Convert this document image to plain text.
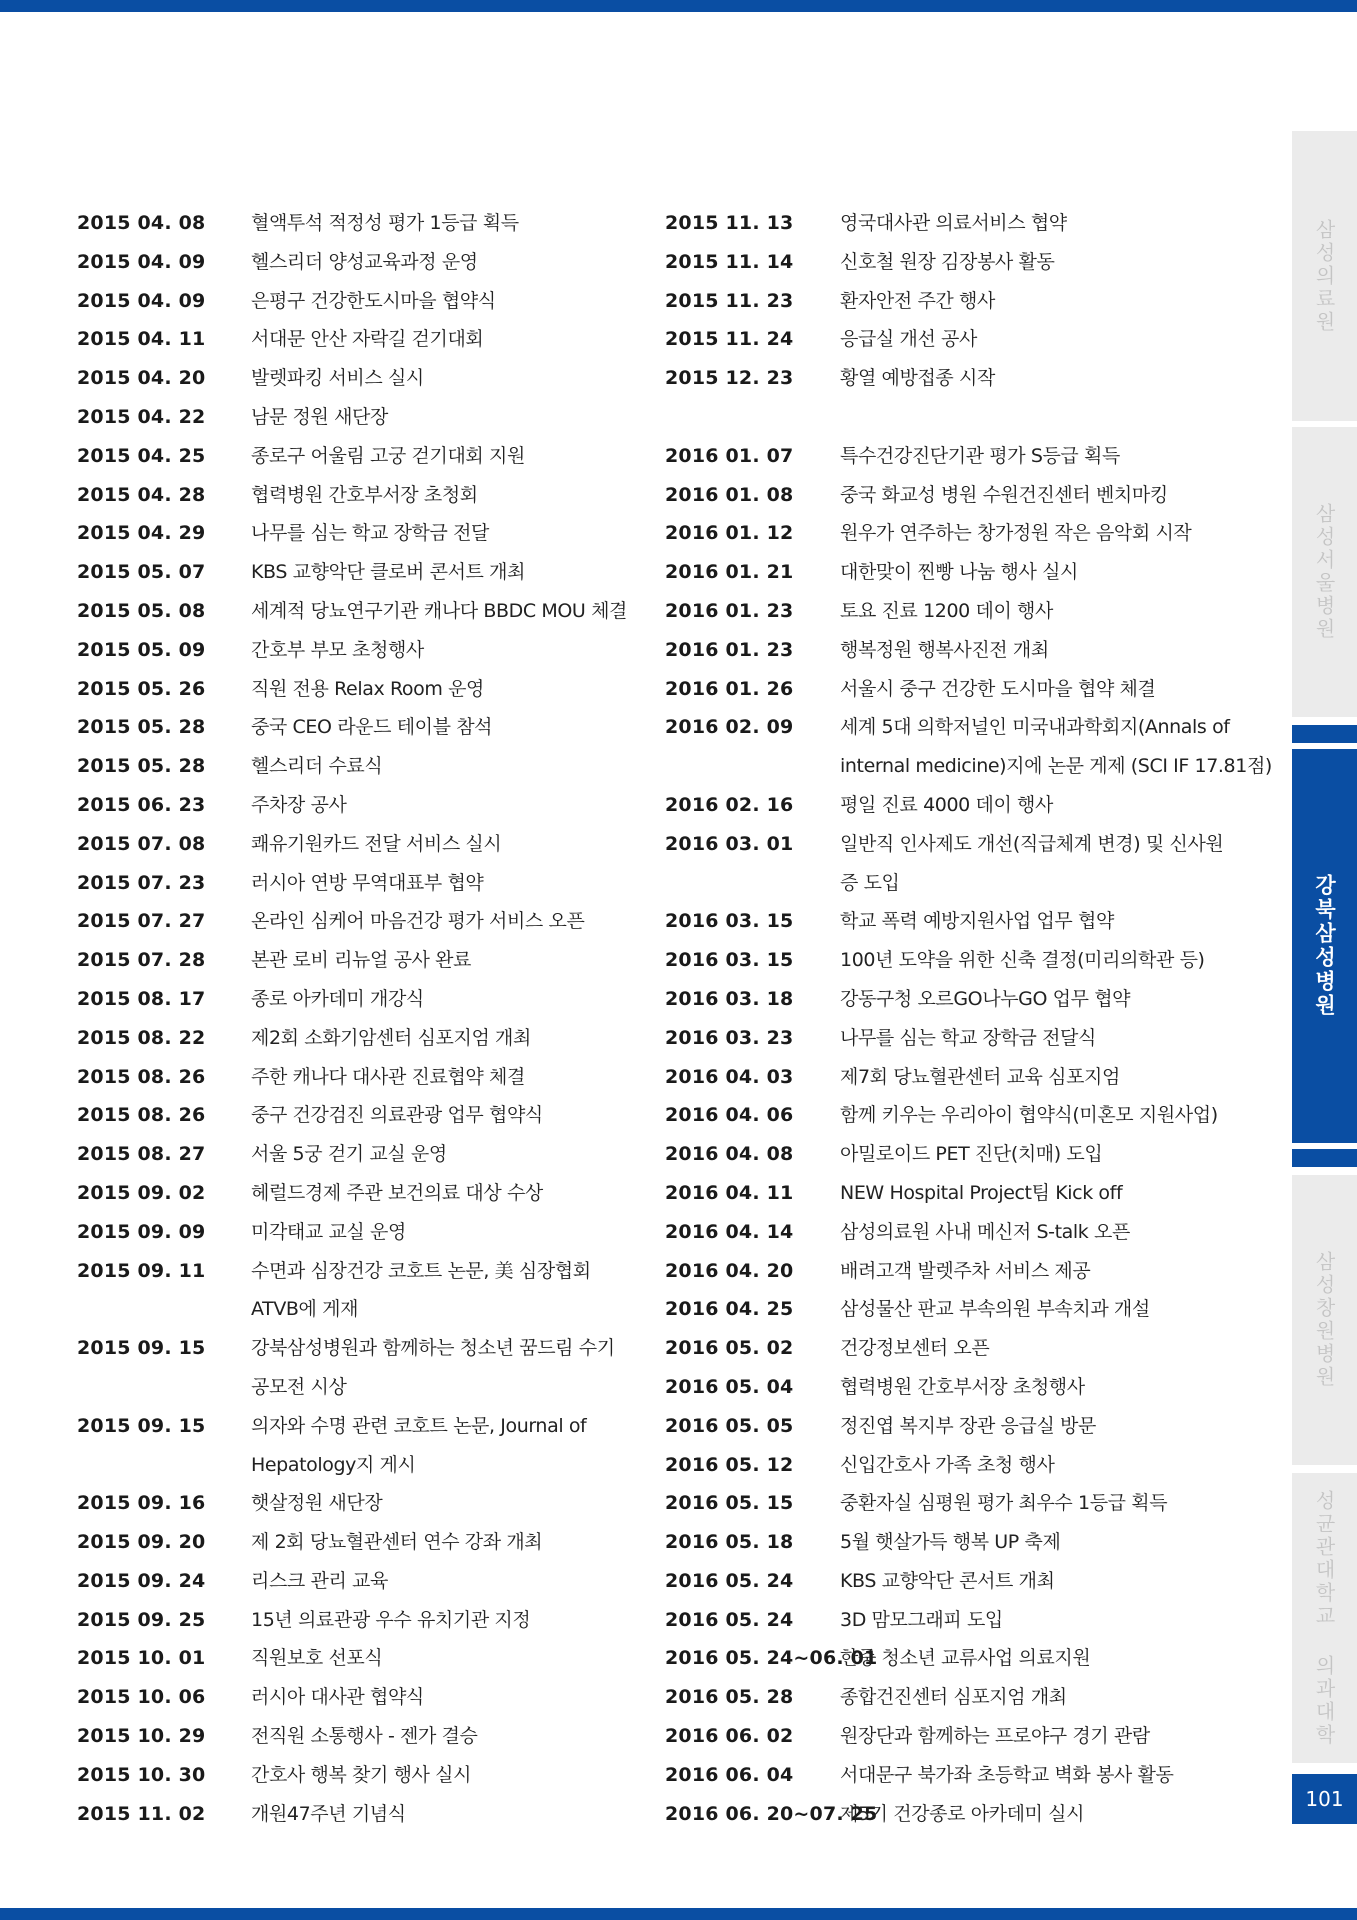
2015 04. 08 혈액투석 적정성 평가 1등급 획득
2015 04. 09 헬스리더 양성교육과정 운영
2015 04. 09 은평구 건강한도시마을 협약식
2015 04. 11 서대문 안산 자락길 걷기대회
2015 04. 20 발렛파킹 서비스 실시
2015 04. 22 남문 정원 새단장
2015 04. 25 종로구 어울림 고궁 걷기대회 지원
2015 04. 28 협력병원 간호부서장 초청회
2015 04. 29 나무를 심는 학교 장학금 전달
2015 05. 07 KBS 교향악단 클로버 콘서트 개최
2015 05. 08 세계적 당뇨연구기관 캐나다 BBDC MOU 체결
2015 05. 09 간호부 부모 초청행사
2015 05. 26 직원 전용 Relax Room 운영
2015 05. 28 중국 CEO 라운드 테이블 참석
2015 05. 28 헬스리더 수료식
2015 06. 23 주차장 공사
2015 07. 08 쾌유기원카드 전달 서비스 실시
2015 07. 23 러시아 연방 무역대표부 협약
2015 07. 27 온라인 심케어 마음건강 평가 서비스 오픈
2015 07. 28 본관 로비 리뉴얼 공사 완료
2015 08. 17 종로 아카데미 개강식
2015 08. 22 제2회 소화기암센터 심포지엄 개최
2015 08. 26 주한 캐나다 대사관 진료협약 체결
2015 08. 26 중구 건강검진 의료관광 업무 협약식
2015 08. 27 서울 5궁 걷기 교실 운영
2015 09. 02 헤럴드경제 주관 보건의료 대상 수상
2015 09. 09 미각태교 교실 운영
2015 09. 11 수면과 심장건강 코호트 논문, 美 심장협회
ATVB에 게재
2015 09. 15 강북삼성병원과 함께하는 청소년 꿈드림 수기
공모전 시상
2015 09. 15 의자와 수명 관련 코호트 논문, Journal of
Hepatology지 게시
2015 09. 16 햇살정원 새단장
2015 09. 20 제 2회 당뇨혈관센터 연수 강좌 개최
2015 09. 24 리스크 관리 교육
2015 09. 25 15년 의료관광 우수 유치기관 지정
2015 10. 01 직원보호 선포식
2015 10. 06 러시아 대사관 협약식
2015 10. 29 전직원 소통행사 - 젠가 결승
2015 10. 30 간호사 행복 찾기 행사 실시
2015 11. 02 개원47주년 기념식
2015 11. 13 영국대사관 의료서비스 협약
2015 11. 14 신호철 원장 김장봉사 활동
2015 11. 23 환자안전 주간 행사
2015 11. 24 응급실 개선 공사
2015 12. 23 황열 예방접종 시작
2016 01. 07 특수건강진단기관 평가 S등급 획득
2016 01. 08 중국 화교성 병원 수원건진센터 벤치마킹
2016 01. 12 원우가 연주하는 창가정원 작은 음악회 시작
2016 01. 21 대한맞이 찐빵 나눔 행사 실시
2016 01. 23 토요 진료 1200 데이 행사
2016 01. 23 행복정원 행복사진전 개최
2016 01. 26 서울시 중구 건강한 도시마을 협약 체결
2016 02. 09 세계 5대 의학저널인 미국내과학회지(Annals of
internal medicine)지에 논문 게제 (SCI IF 17.81점)
2016 02. 16 평일 진료 4000 데이 행사
2016 03. 01 일반직 인사제도 개선(직급체계 변경) 및 신사원
증 도입
2016 03. 15 학교 폭력 예방지원사업 업무 협약
2016 03. 15 100년 도약을 위한 신축 결정(미리의학관 등)
2016 03. 18 강동구청 오르GO나누GO 업무 협약
2016 03. 23 나무를 심는 학교 장학금 전달식
2016 04. 03 제7회 당뇨혈관센터 교육 심포지엄
2016 04. 06 함께 키우는 우리아이 협약식(미혼모 지원사업)
2016 04. 08 아밀로이드 PET 진단(치매) 도입
2016 04. 11 NEW Hospital Project팀 Kick off
2016 04. 14 삼성의료원 사내 메신저 S-talk 오픈
2016 04. 20 배려고객 발렛주차 서비스 제공
2016 04. 25 삼성물산 판교 부속의원 부속치과 개설
2016 05. 02 건강정보센터 오픈
2016 05. 04 협력병원 간호부서장 초청행사
2016 05. 05 정진엽 복지부 장관 응급실 방문
2016 05. 12 신입간호사 가족 초청 행사
2016 05. 15 중환자실 심평원 평가 최우수 1등급 획득
2016 05. 18 5월 햇살가득 행복 UP 축제
2016 05. 24 KBS 교향악단 콘서트 개최
2016 05. 24 3D 맘모그래피 도입
2016 05. 24~06. 01
한중 청소년 교류사업 의료지원
2016 05. 28 종합건진센터 심포지엄 개최
2016 06. 02 원장단과 함께하는 프로야구 경기 관람
2016 06. 04 서대문구 북가좌 초등학교 벽화 봉사 활동
2016 06. 20~07. 25
제5기 건강종로 아카데미 실시
삼성의료원
삼성서울병원
강북삼성병원
삼성창원병원
성균관대학교 의과대학
101
